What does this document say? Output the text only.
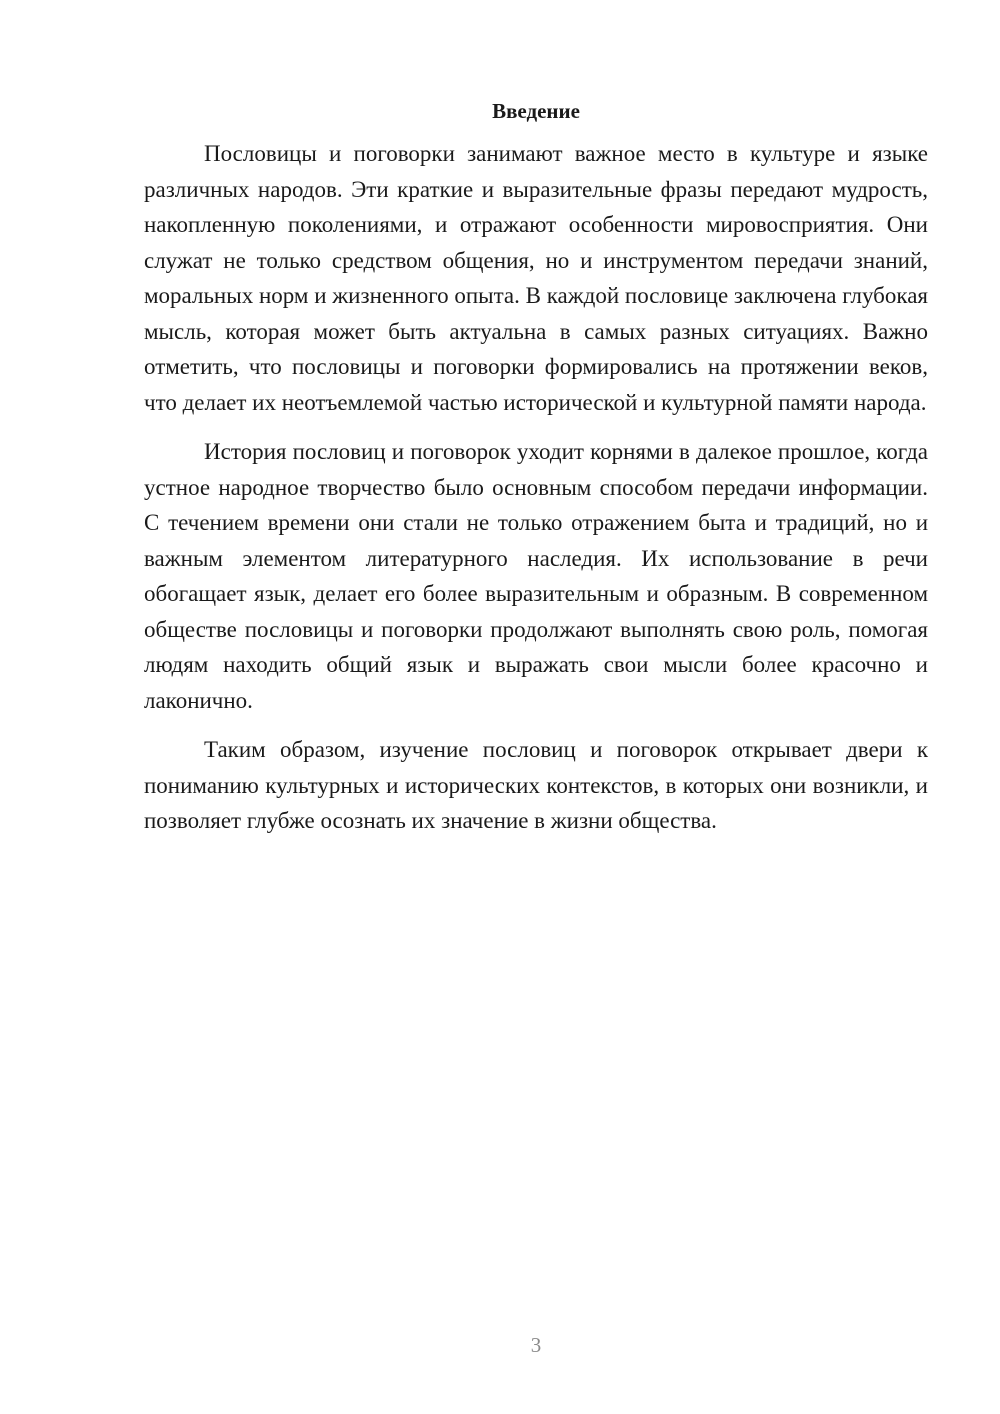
Введение

Пословицы и поговорки занимают важное место в культуре и языке различных народов. Эти краткие и выразительные фразы передают мудрость, накопленную поколениями, и отражают особенности мировосприятия. Они служат не только средством общения, но и инструментом передачи знаний, моральных норм и жизненного опыта. В каждой пословице заключена глубокая мысль, которая может быть актуальна в самых разных ситуациях. Важно отметить, что пословицы и поговорки формировались на протяжении веков, что делает их неотъемлемой частью исторической и культурной памяти народа.

История пословиц и поговорок уходит корнями в далекое прошлое, когда устное народное творчество было основным способом передачи информации. С течением времени они стали не только отражением быта и традиций, но и важным элементом литературного наследия. Их использование в речи обогащает язык, делает его более выразительным и образным. В современном обществе пословицы и поговорки продолжают выполнять свою роль, помогая людям находить общий язык и выражать свои мысли более красочно и лаконично.

Таким образом, изучение пословиц и поговорок открывает двери к пониманию культурных и исторических контекстов, в которых они возникли, и позволяет глубже осознать их значение в жизни общества.

3
